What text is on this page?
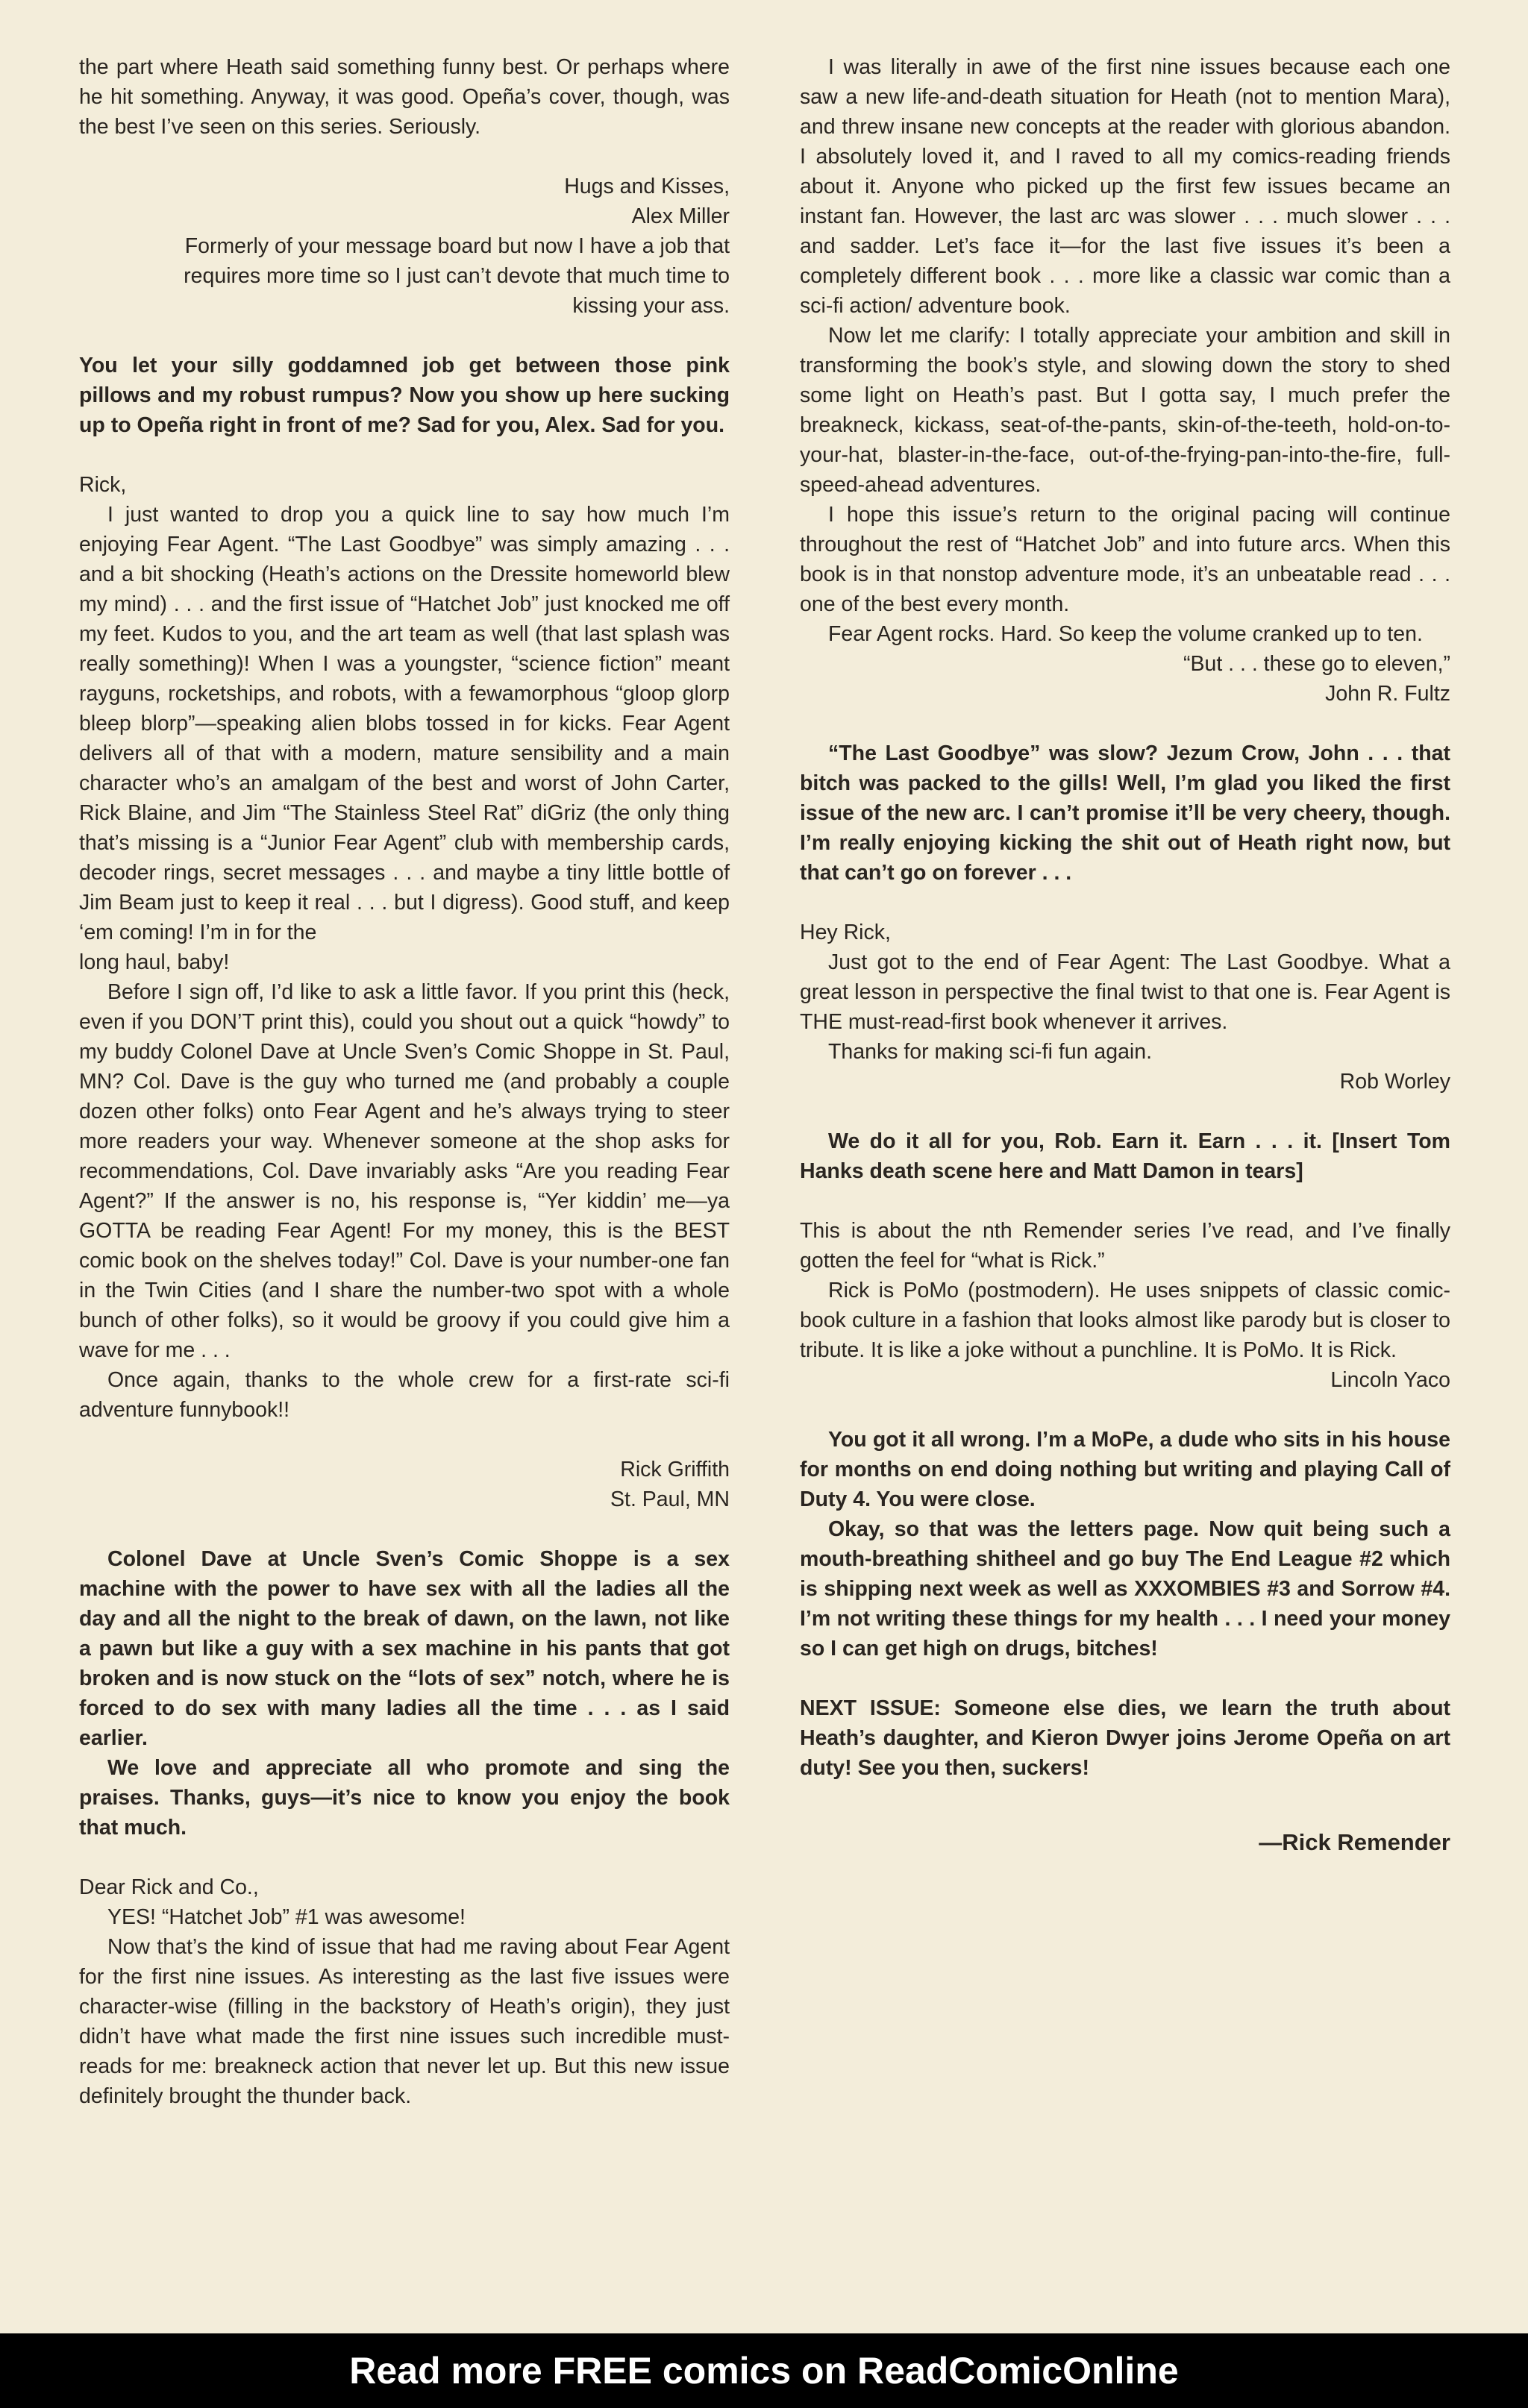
the part where Heath said something funny best. Or perhaps where he hit something. Anyway, it was good. Opeña’s cover, though, was the best I’ve seen on this series. Seriously.

Hugs and Kisses,

Alex Miller

Formerly of your message board but now I have a job that requires more time so I just can’t devote that much time to kissing your ass.

You let your silly goddamned job get between those pink pillows and my robust rumpus? Now you show up here sucking up to Opeña right in front of me? Sad for you, Alex. Sad for you.

Rick,

I just wanted to drop you a quick line to say how much I’m enjoying Fear Agent. “The Last Goodbye” was simply amazing . . . and a bit shocking (Heath’s actions on the Dressite homeworld blew my mind) . . . and the first issue of “Hatchet Job” just knocked me off my feet. Kudos to you, and the art team as well (that last splash was really something)! When I was a youngster, “science fiction” meant rayguns, rocketships, and robots, with a fewamorphous “gloop glorp bleep blorp”—speaking alien blobs tossed in for kicks. Fear Agent delivers all of that with a modern, mature sensibility and a main character who’s an amalgam of the best and worst of John Carter, Rick Blaine, and Jim “The Stainless Steel Rat” diGriz (the only thing that’s missing is a “Junior Fear Agent” club with membership cards, decoder rings, secret messages . . . and maybe a tiny little bottle of Jim Beam just to keep it real . . . but I digress). Good stuff, and keep ‘em coming! I’m in for the

long haul, baby!

Before I sign off, I’d like to ask a little favor. If you print this (heck, even if you DON’T print this), could you shout out a quick “howdy” to my buddy Colonel Dave at Uncle Sven’s Comic Shoppe in St. Paul, MN? Col. Dave is the guy who turned me (and probably a couple dozen other folks) onto Fear Agent and he’s always trying to steer more readers your way. Whenever someone at the shop asks for recommendations, Col. Dave invariably asks “Are you reading Fear Agent?” If the answer is no, his response is, “Yer kiddin’ me—ya GOTTA be reading Fear Agent! For my money, this is the BEST comic book on the shelves today!” Col. Dave is your number-one fan in the Twin Cities (and I share the number-two spot with a whole bunch of other folks), so it would be groovy if you could give him a wave for me . . .

Once again, thanks to the whole crew for a first-rate sci-fi adventure funnybook!!

Rick Griffith

St. Paul, MN

Colonel Dave at Uncle Sven’s Comic Shoppe is a sex machine with the power to have sex with all the ladies all the day and all the night to the break of dawn, on the lawn, not like a pawn but like a guy with a sex machine in his pants that got broken and is now stuck on the “lots of sex” notch, where he is forced to do sex with many ladies all the time . . . as I said earlier.

We love and appreciate all who promote and sing the praises. Thanks, guys—it’s nice to know you enjoy the book that much.

Dear Rick and Co.,

YES! “Hatchet Job” #1 was awesome!

Now that’s the kind of issue that had me raving about Fear Agent for the first nine issues. As interesting as the last five issues were character-wise (filling in the backstory of Heath’s origin), they just didn’t have what made the first nine issues such incredible must-reads for me: breakneck action that never let up. But this new issue definitely brought the thunder back.

I was literally in awe of the first nine issues because each one saw a new life-and-death situation for Heath (not to mention Mara), and threw insane new concepts at the reader with glorious abandon. I absolutely loved it, and I raved to all my comics-reading friends about it. Anyone who picked up the first few issues became an instant fan. However, the last arc was slower . . . much slower . . . and sadder. Let’s face it—for the last five issues it’s been a completely different book . . . more like a classic war comic than a sci-fi action/ adventure book.

Now let me clarify: I totally appreciate your ambition and skill in transforming the book’s style, and slowing down the story to shed some light on Heath’s past. But I gotta say, I much prefer the breakneck, kickass, seat-of-the-pants, skin-of-the-teeth, hold-on-to-your-hat, blaster-in-the-face, out-of-the-frying-pan-into-the-fire, full-speed-ahead adventures.

I hope this issue’s return to the original pacing will continue throughout the rest of “Hatchet Job” and into future arcs. When this book is in that nonstop adventure mode, it’s an unbeatable read . . . one of the best every month.

Fear Agent rocks. Hard. So keep the volume cranked up to ten.

“But . . . these go to eleven,”

John R. Fultz

“The Last Goodbye” was slow? Jezum Crow, John . . . that bitch was packed to the gills! Well, I’m glad you liked the first issue of the new arc. I can’t promise it’ll be very cheery, though. I’m really enjoying kicking the shit out of Heath right now, but that can’t go on forever . . .

Hey Rick,

Just got to the end of Fear Agent: The Last Goodbye. What a great lesson in perspective the final twist to that one is. Fear Agent is THE must-read-first book whenever it arrives.

Thanks for making sci-fi fun again.

Rob Worley

We do it all for you, Rob. Earn it. Earn . . . it. [Insert Tom Hanks death scene here and Matt Damon in tears]

This is about the nth Remender series I’ve read, and I’ve finally gotten the feel for “what is Rick.”

Rick is PoMo (postmodern). He uses snippets of classic comic-book culture in a fashion that looks almost like parody but is closer to tribute. It is like a joke without a punchline. It is PoMo. It is Rick.

Lincoln Yaco

You got it all wrong. I’m a MoPe, a dude who sits in his house for months on end doing nothing but writing and playing Call of Duty 4. You were close.

Okay, so that was the letters page. Now quit being such a mouth-breathing shitheel and go buy The End League #2 which is shipping next week as well as XXXOMBIES #3 and Sorrow #4. I’m not writing these things for my health . . . I need your money so I can get high on drugs, bitches!

NEXT ISSUE: Someone else dies, we learn the truth about Heath’s daughter, and Kieron Dwyer joins Jerome Opeña on art duty! See you then, suckers!

—Rick Remender

Read more FREE comics on ReadComicOnline
